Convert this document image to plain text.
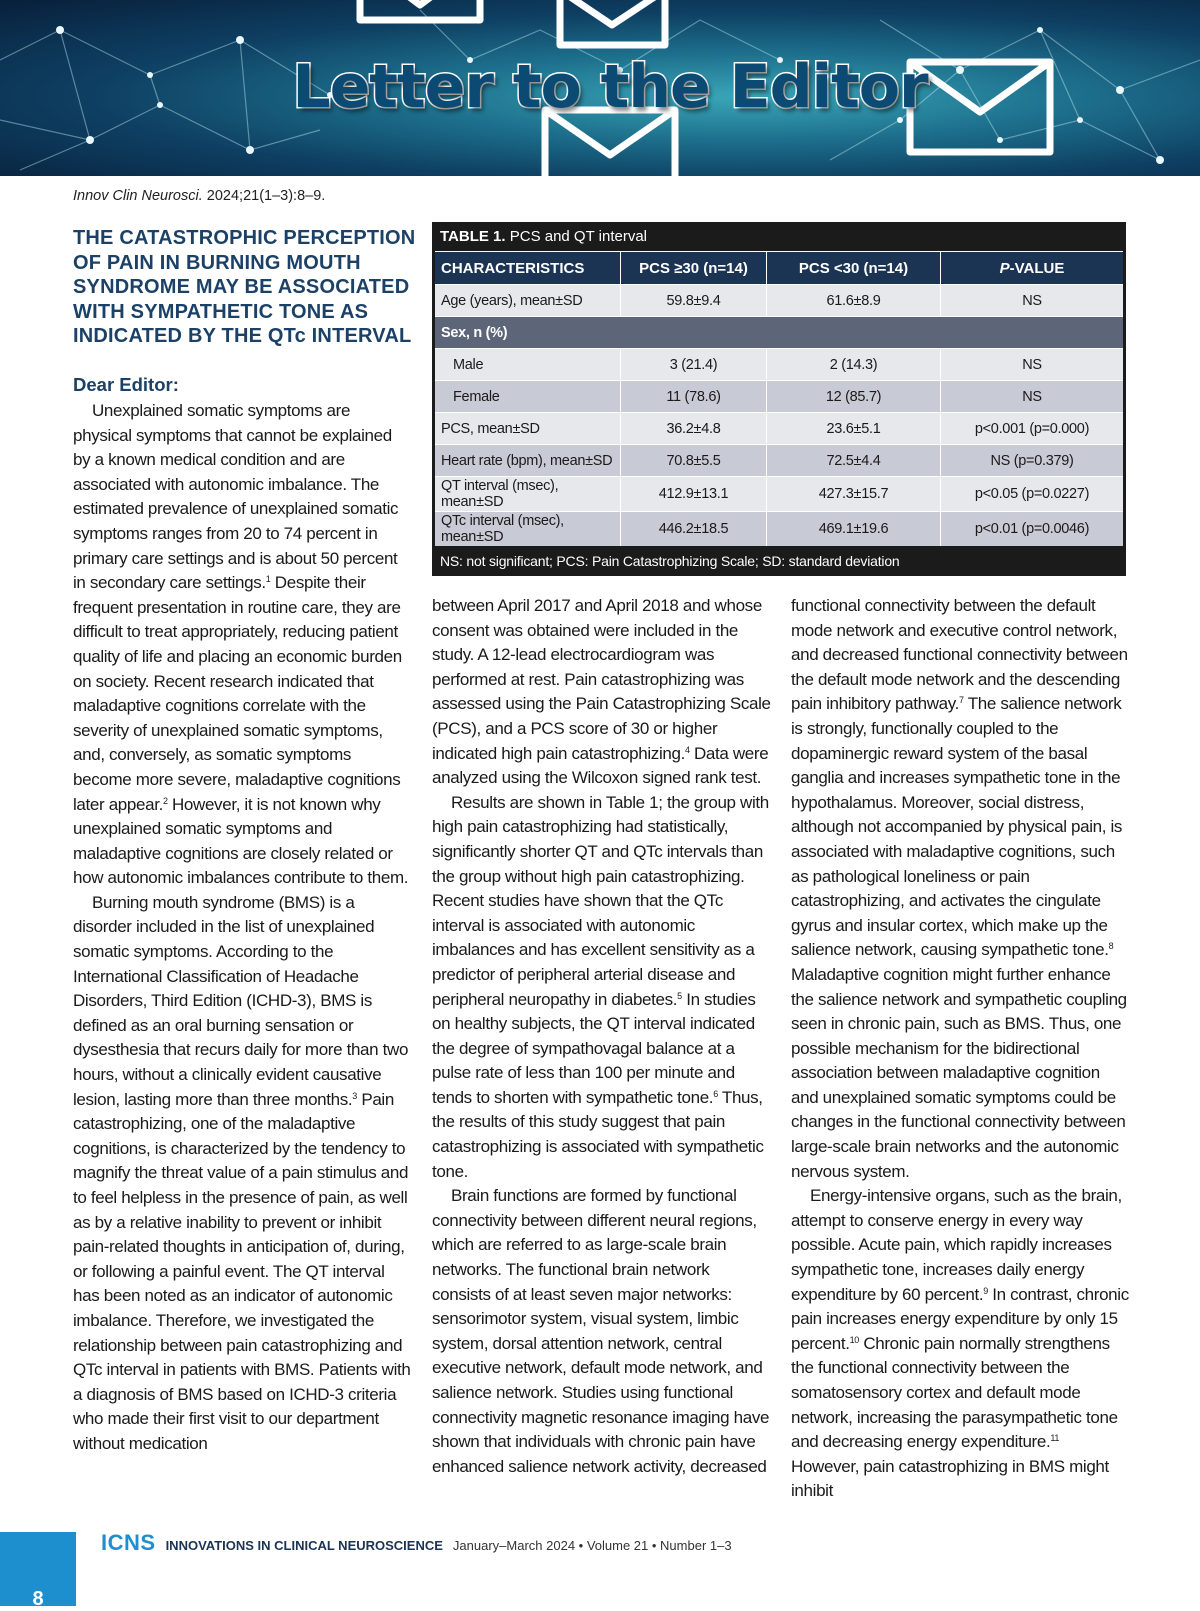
Letter to the Editor
Innov Clin Neurosci. 2024;21(1–3):8–9.
THE CATASTROPHIC PERCEPTION OF PAIN IN BURNING MOUTH SYNDROME MAY BE ASSOCIATED WITH SYMPATHETIC TONE AS INDICATED BY THE QTc INTERVAL
Dear Editor:

Unexplained somatic symptoms are physical symptoms that cannot be explained by a known medical condition and are associated with autonomic imbalance. The estimated prevalence of unexplained somatic symptoms ranges from 20 to 74 percent in primary care settings and is about 50 percent in secondary care settings.$^1$ Despite their frequent presentation in routine care, they are difficult to treat appropriately, reducing patient quality of life and placing an economic burden on society. Recent research indicated that maladaptive cognitions correlate with the severity of unexplained somatic symptoms, and, conversely, as somatic symptoms become more severe, maladaptive cognitions later appear.$^2$ However, it is not known why unexplained somatic symptoms and maladaptive cognitions are closely related or how autonomic imbalances contribute to them.

Burning mouth syndrome (BMS) is a disorder included in the list of unexplained somatic symptoms. According to the International Classification of Headache Disorders, Third Edition (ICHD-3), BMS is defined as an oral burning sensation or dysesthesia that recurs daily for more than two hours, without a clinically evident causative lesion, lasting more than three months.$^3$ Pain catastrophizing, one of the maladaptive cognitions, is characterized by the tendency to magnify the threat value of a pain stimulus and to feel helpless in the presence of pain, as well as by a relative inability to prevent or inhibit pain-related thoughts in anticipation of, during, or following a painful event. The QT interval has been noted as an indicator of autonomic imbalance. Therefore, we investigated the relationship between pain catastrophizing and QTc interval in patients with BMS. Patients with a diagnosis of BMS based on ICHD-3 criteria who made their first visit to our department without medication

TABLE 1. PCS and QT interval
CHARACTERISTICS	PCS ≥30 (n=14)	PCS <30 (n=14)	P-VALUE
Age (years), mean±SD	59.8±9.4	61.6±8.9	NS
Sex, n (%)			
Male	3 (21.4)	2 (14.3)	NS
Female	11 (78.6)	12 (85.7)	NS
PCS, mean±SD	36.2±4.8	23.6±5.1	p<0.001 (p=0.000)
Heart rate (bpm), mean±SD	70.8±5.5	72.5±4.4	NS (p=0.379)
QT interval (msec), mean±SD	412.9±13.1	427.3±15.7	p<0.05 (p=0.0227)
QTc interval (msec), mean±SD	446.2±18.5	469.1±19.6	p<0.01 (p=0.0046)
NS: not significant; PCS: Pain Catastrophizing Scale; SD: standard deviation

between April 2017 and April 2018 and whose consent was obtained were included in the study. A 12-lead electrocardiogram was performed at rest. Pain catastrophizing was assessed using the Pain Catastrophizing Scale (PCS), and a PCS score of 30 or higher indicated high pain catastrophizing.$^4$ Data were analyzed using the Wilcoxon signed rank test.

Results are shown in Table 1; the group with high pain catastrophizing had statistically, significantly shorter QT and QTc intervals than the group without high pain catastrophizing. Recent studies have shown that the QTc interval is associated with autonomic imbalances and has excellent sensitivity as a predictor of peripheral arterial disease and peripheral neuropathy in diabetes.$^5$ In studies on healthy subjects, the QT interval indicated the degree of sympathovagal balance at a pulse rate of less than 100 per minute and tends to shorten with sympathetic tone.$^6$ Thus, the results of this study suggest that pain catastrophizing is associated with sympathetic tone.

Brain functions are formed by functional connectivity between different neural regions, which are referred to as large-scale brain networks. The functional brain network consists of at least seven major networks: sensorimotor system, visual system, limbic system, dorsal attention network, central executive network, default mode network, and salience network. Studies using functional connectivity magnetic resonance imaging have shown that individuals with chronic pain have enhanced salience network activity, decreased

functional connectivity between the default mode network and executive control network, and decreased functional connectivity between the default mode network and the descending pain inhibitory pathway.$^7$ The salience network is strongly, functionally coupled to the dopaminergic reward system of the basal ganglia and increases sympathetic tone in the hypothalamus. Moreover, social distress, although not accompanied by physical pain, is associated with maladaptive cognitions, such as pathological loneliness or pain catastrophizing, and activates the cingulate gyrus and insular cortex, which make up the salience network, causing sympathetic tone.$^8$ Maladaptive cognition might further enhance the salience network and sympathetic coupling seen in chronic pain, such as BMS. Thus, one possible mechanism for the bidirectional association between maladaptive cognition and unexplained somatic symptoms could be changes in the functional connectivity between large-scale brain networks and the autonomic nervous system.

Energy-intensive organs, such as the brain, attempt to conserve energy in every way possible. Acute pain, which rapidly increases sympathetic tone, increases daily energy expenditure by 60 percent.$^9$ In contrast, chronic pain increases energy expenditure by only 15 percent.$^{10}$ Chronic pain normally strengthens the functional connectivity between the somatosensory cortex and default mode network, increasing the parasympathetic tone and decreasing energy expenditure.$^{11}$ However, pain catastrophizing in BMS might inhibit

8
ICNS INNOVATIONS IN CLINICAL NEUROSCIENCE January–March 2024 • Volume 21 • Number 1–3
